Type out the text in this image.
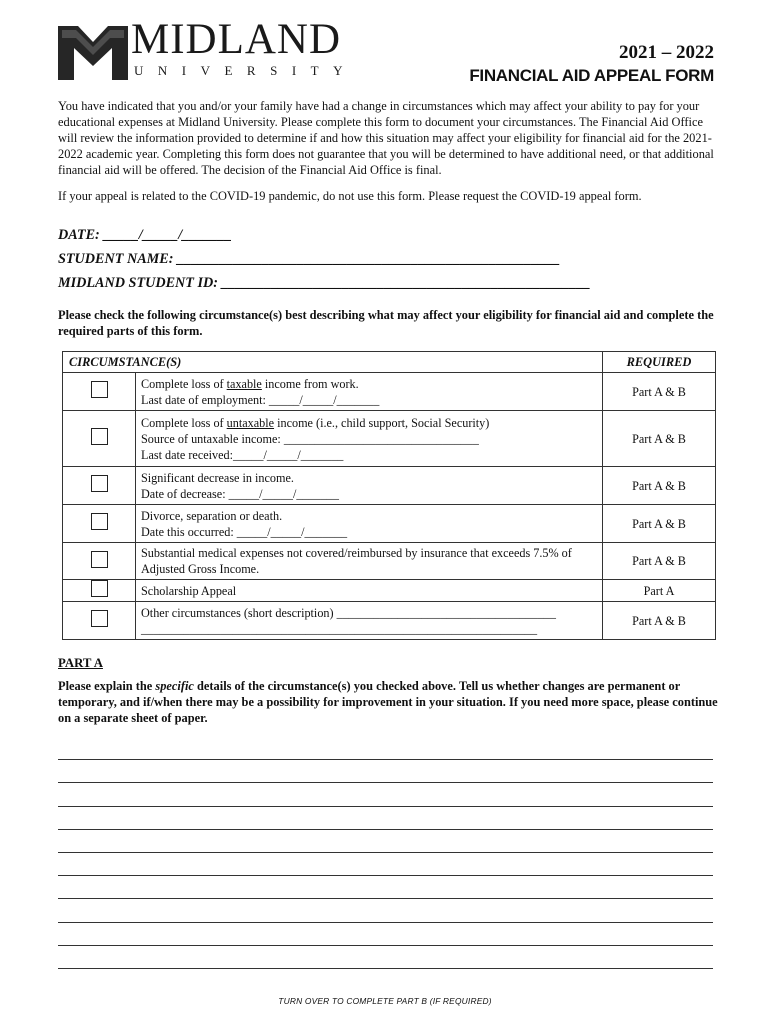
MIDLAND
UNIVERSITY
2021 – 2022
FINANCIAL AID APPEAL FORM

You have indicated that you and/or your family have had a change in circumstances which may affect your ability to pay for your educational expenses at Midland University. Please complete this form to document your circumstances. The Financial Aid Office will review the information provided to determine if and how this situation may affect your eligibility for financial aid for the 2021-2022 academic year. Completing this form does not guarantee that you will be determined to have additional need, or that additional financial aid will be offered. The decision of the Financial Aid Office is final.

If your appeal is related to the COVID-19 pandemic, do not use this form. Please request the COVID-19 appeal form.

DATE: _____/_____/_______
STUDENT NAME: ______________________________________________________
MIDLAND STUDENT ID: ____________________________________________________

Please check the following circumstance(s) best describing what may affect your eligibility for financial aid and complete the required parts of this form.

CIRCUMSTANCE(S)		REQUIRED

	Complete loss of taxable income from work.
Last date of employment: _____/_____/_______	Part A & B

	Complete loss of untaxable income (i.e., child support, Social Security)
Source of untaxable income: ________________________________
Last date received:_____/_____/_______	Part A & B

	Significant decrease in income.
Date of decrease: _____/_____/_______	Part A & B

	Divorce, separation or death.
Date this occurred: _____/_____/_______	Part A & B

	Substantial medical expenses not covered/reimbursed by insurance that exceeds 7.5% of
Adjusted Gross Income.	Part A & B

	Scholarship Appeal	Part A

	Other circumstances (short description) ____________________________________
_________________________________________________________________	Part A & B

PART A

Please explain the specific details of the circumstance(s) you checked above. Tell us whether changes are permanent or temporary, and if/when there may be a possibility for improvement in your situation. If you need more space, please continue on a separate sheet of paper.

TURN OVER TO COMPLETE PART B (IF REQUIRED)
